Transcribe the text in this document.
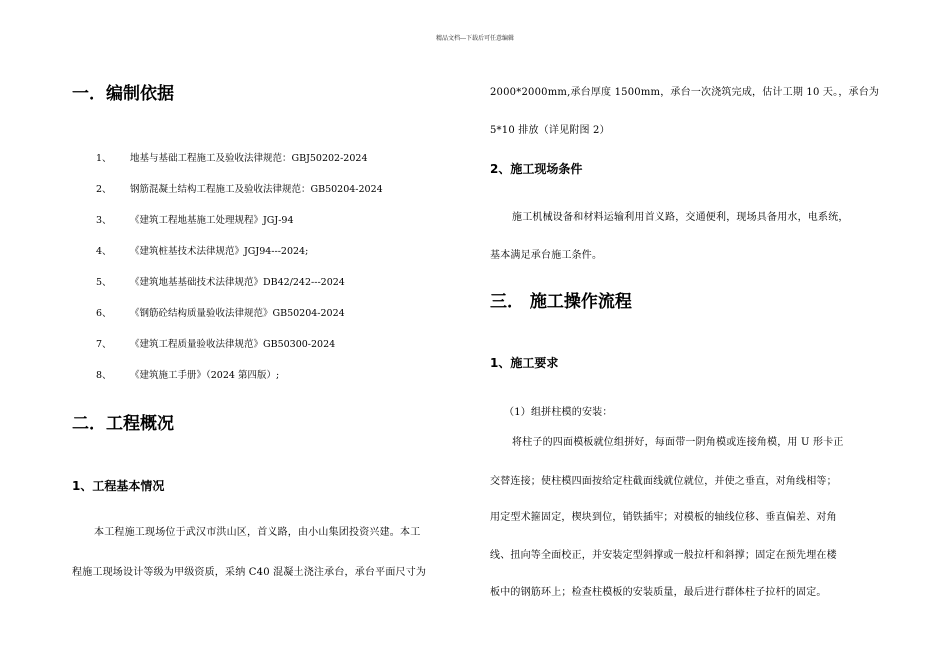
精品文档---下载后可任意编辑
一．编制依据
1、 地基与基础工程施工及验收法律规范：GBJ50202-2024
2、 钢筋混凝土结构工程施工及验收法律规范：GB50204-2024
3、 《建筑工程地基施工处理规程》JGJ-94
4、 《建筑桩基技术法律规范》JGJ94---2024;
5、 《建筑地基基础技术法律规范》DB42/242---2024
6、 《钢筋砼结构质量验收法律规范》GB50204-2024
7、 《建筑工程质量验收法律规范》GB50300-2024
8、 《建筑施工手册》（2024 第四版）;
二．工程概况
1、工程基本情况
本工程施工现场位于武汉市洪山区，首义路，由小山集团投资兴建。本工
程施工现场设计等级为甲级资质，采纳 C40 混凝土浇注承台，承台平面尺寸为
2000*2000mm,承台厚度 1500mm，承台一次浇筑完成，估计工期 10 天。，承台为
5*10 排放（详见附图 2）
2、施工现场条件
施工机械设备和材料运输利用首义路，交通便利，现场具备用水，电系统，
基本满足承台施工条件。
三． 施工操作流程
1、施工要求
（1）组拼柱模的安装：
将柱子的四面模板就位组拼好，每面带一阴角模或连接角模，用 U 形卡正
交替连接；使柱模四面按给定柱截面线就位就位，并使之垂直，对角线相等；
用定型术箍固定，楔块到位，销铁插牢；对模板的轴线位移、垂直偏差、对角
线、扭向等全面校正，并安装定型斜撑或一般拉杆和斜撑；固定在预先埋在楼
板中的钢筋环上；检查柱模板的安装质量，最后进行群体柱子拉杆的固定。
